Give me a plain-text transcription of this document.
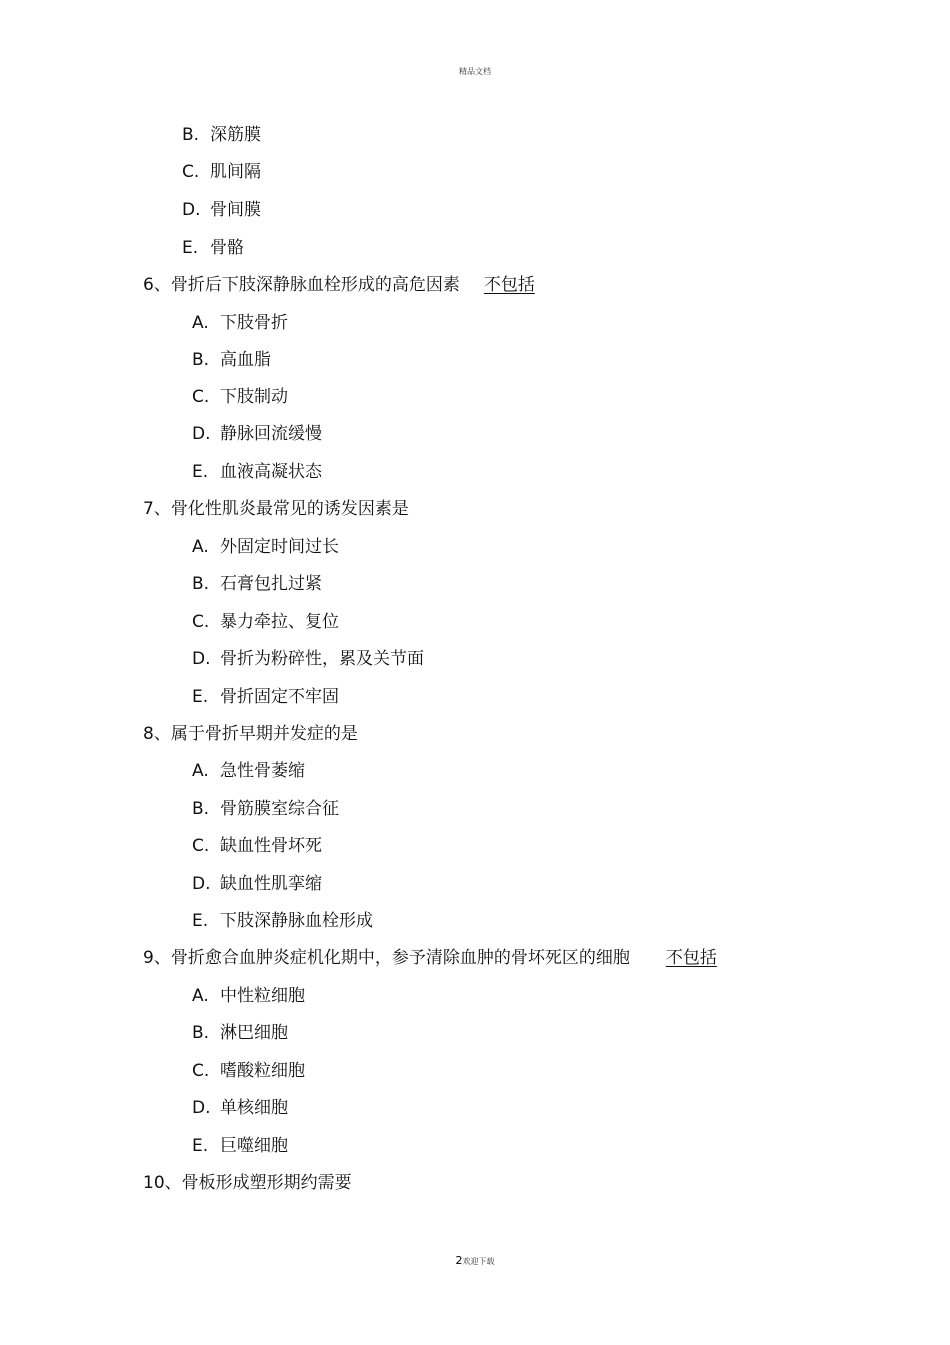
精品文档
B. 深筋膜
C. 肌间隔
D. 骨间膜
E. 骨骼
6、骨折后下肢深静脉血栓形成的高危因素 不包括
A. 下肢骨折
B. 高血脂
C. 下肢制动
D. 静脉回流缓慢
E. 血液高凝状态
7、骨化性肌炎最常见的诱发因素是
A. 外固定时间过长
B. 石膏包扎过紧
C. 暴力牵拉、复位
D. 骨折为粉碎性，累及关节面
E. 骨折固定不牢固
8、属于骨折早期并发症的是
A. 急性骨萎缩
B. 骨筋膜室综合征
C. 缺血性骨坏死
D. 缺血性肌挛缩
E. 下肢深静脉血栓形成
9、骨折愈合血肿炎症机化期中，参予清除血肿的骨坏死区的细胞 不包括
A. 中性粒细胞
B. 淋巴细胞
C. 嗜酸粒细胞
D. 单核细胞
E. 巨噬细胞
10、骨板形成塑形期约需要
2欢迎下载
